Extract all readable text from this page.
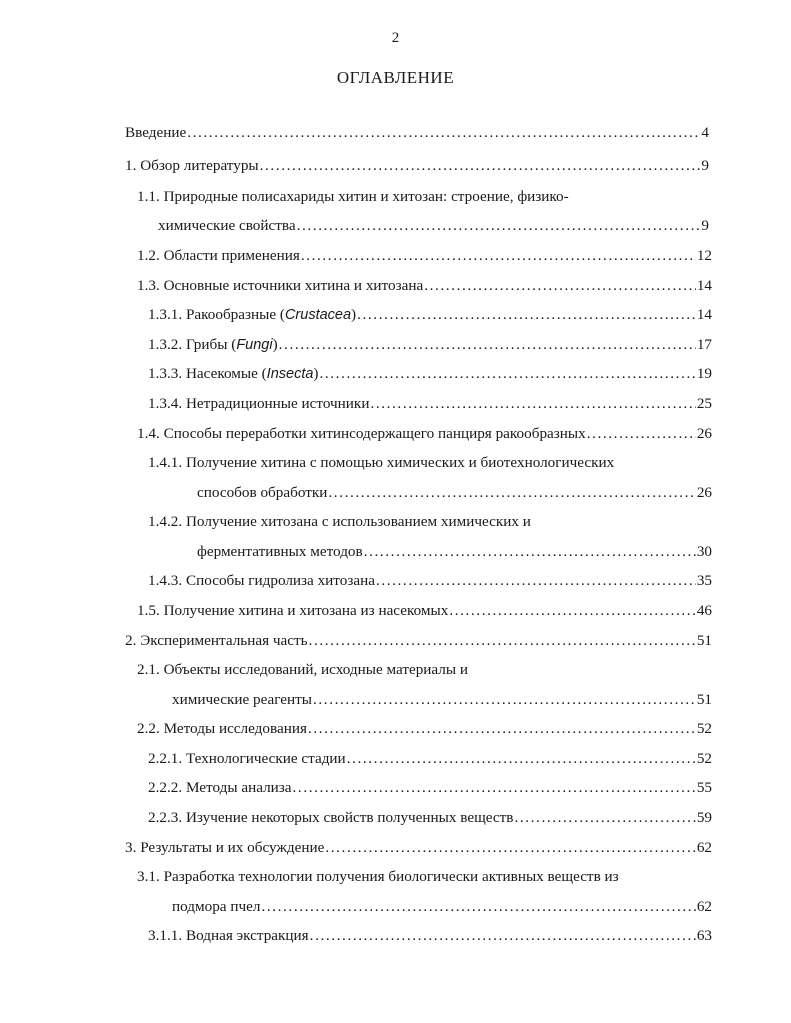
2
ОГЛАВЛЕНИЕ
Введение .....	4
1. Обзор литературы .....	9
1.1. Природные полисахариды хитин и хитозан: строение, физико-
химические свойства .....	9
1.2. Области применения .....	12
1.3. Основные источники хитина и хитозана .....	14
1.3.1. Ракообразные (Crustacea) .....	14
1.3.2. Грибы (Fungi) .....	17
1.3.3. Насекомые (Insecta) .....	19
1.3.4. Нетрадиционные источники .....	25
1.4. Способы переработки хитинсодержащего панциря ракообразных .....	26
1.4.1. Получение хитина с помощью химических и биотехнологических
способов обработки .....	26
1.4.2. Получение хитозана с использованием химических и
ферментативных методов .....	30
1.4.3. Способы гидролиза хитозана .....	35
1.5. Получение хитина и хитозана из насекомых .....	46
2. Экспериментальная часть .....	51
2.1. Объекты исследований, исходные материалы и
химические реагенты .....	51
2.2. Методы исследования .....	52
2.2.1. Технологические стадии .....	52
2.2.2. Методы анализа .....	55
2.2.3. Изучение некоторых свойств полученных веществ .....	59
3. Результаты и их обсуждение .....	62
3.1. Разработка технологии получения биологически активных веществ из
подмора пчел .....	62
3.1.1. Водная экстракция .....	63
